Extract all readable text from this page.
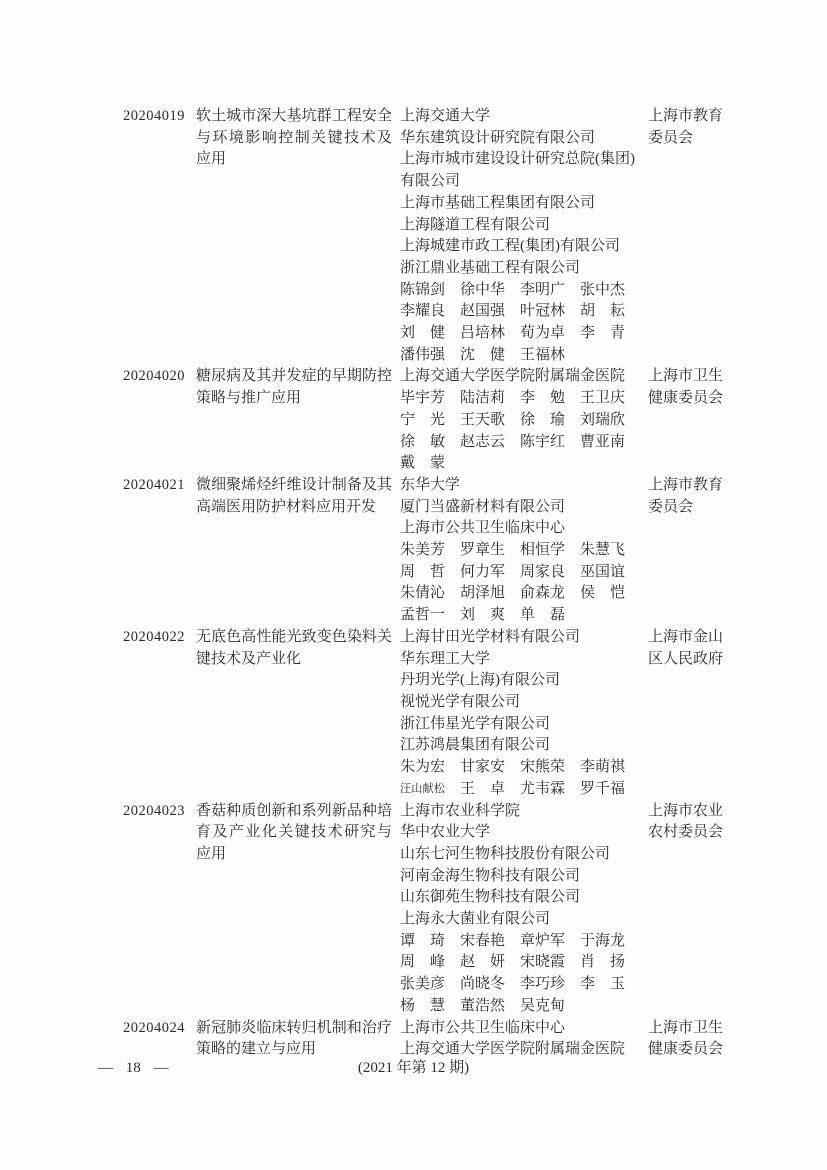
20204019 软土城市深大基坑群工程安全
与环境影响控制关键技术及
应用
上海交通大学
华东建筑设计研究院有限公司
上海市城市建设设计研究总院(集团)
有限公司
上海市基础工程集团有限公司
上海隧道工程有限公司
上海城建市政工程(集团)有限公司
浙江鼎业基础工程有限公司
陈锦剑 徐中华 李明广 张中杰
李耀良 赵国强 叶冠林 胡耘
刘健 吕培林 荀为卓 李青
潘伟强 沈健 王福林
上海市教育
委员会
20204020 糖尿病及其并发症的早期防控
策略与推广应用
上海交通大学医学院附属瑞金医院
毕宇芳 陆洁莉 李勉 王卫庆
宁光 王天歌 徐瑜 刘瑞欣
徐敏 赵志云 陈宇红 曹亚南
戴蒙
上海市卫生
健康委员会
20204021 微细聚烯烃纤维设计制备及其
高端医用防护材料应用开发
东华大学
厦门当盛新材料有限公司
上海市公共卫生临床中心
朱美芳 罗章生 相恒学 朱慧飞
周哲 何力军 周家良 巫国谊
朱倩沁 胡泽旭 俞森龙 侯恺
孟哲一 刘爽 单磊
上海市教育
委员会
20204022 无底色高性能光致变色染料关
键技术及产业化
上海甘田光学材料有限公司
华东理工大学
丹玥光学(上海)有限公司
视悦光学有限公司
浙江伟星光学有限公司
江苏鸿晨集团有限公司
朱为宏 甘家安 宋熊荣 李萌祺
汪山献松 王卓 尤韦霖 罗千福
上海市金山
区人民政府
20204023 香菇种质创新和系列新品种培
育及产业化关键技术研究与
应用
上海市农业科学院
华中农业大学
山东七河生物科技股份有限公司
河南金海生物科技有限公司
山东御苑生物科技有限公司
上海永大菌业有限公司
谭琦 宋春艳 章炉军 于海龙
周峰 赵妍 宋晓霞 肖扬
张美彦 尚晓冬 李巧珍 李玉
杨慧 董浩然 吴克甸
上海市农业
农村委员会
20204024 新冠肺炎临床转归机制和治疗
策略的建立与应用
上海市公共卫生临床中心
上海交通大学医学院附属瑞金医院
上海市卫生
健康委员会
(2021 年第 12 期)
— 18 —
